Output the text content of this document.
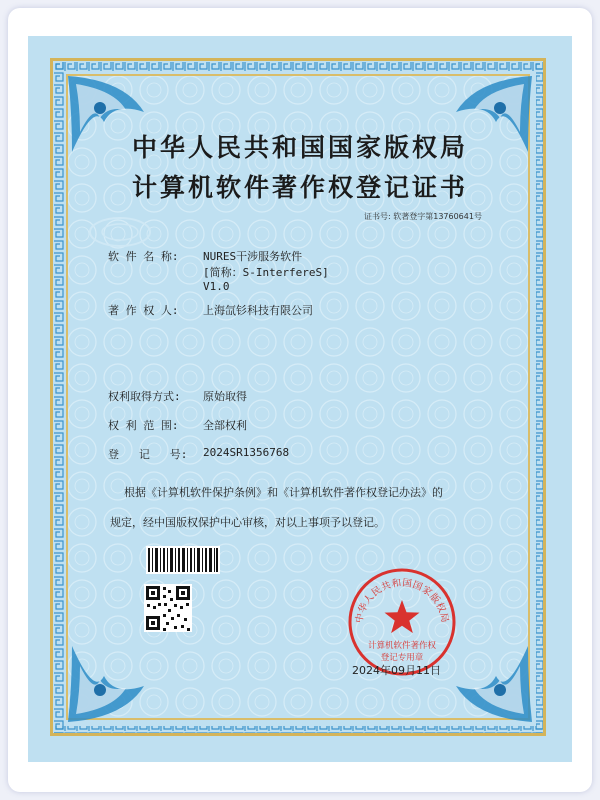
中华人民共和国国家版权局
计算机软件著作权登记证书
证书号: 软著登字第13760641号
软 件 名 称:	NURES干涉服务软件
[简称：S-InterfereS]
V1.0
著 作 权 人:	上海氙钐科技有限公司
权利取得方式:	原始取得
权 利 范 围:	全部权利
登   记   号:	2024SR1356768
根据《计算机软件保护条例》和《计算机软件著作权登记办法》的
规定，经中国版权保护中心审核，对以上事项予以登记。
中华人民共和国国家版权局
计算机软件著作权
登记专用章
2024年09月11日
